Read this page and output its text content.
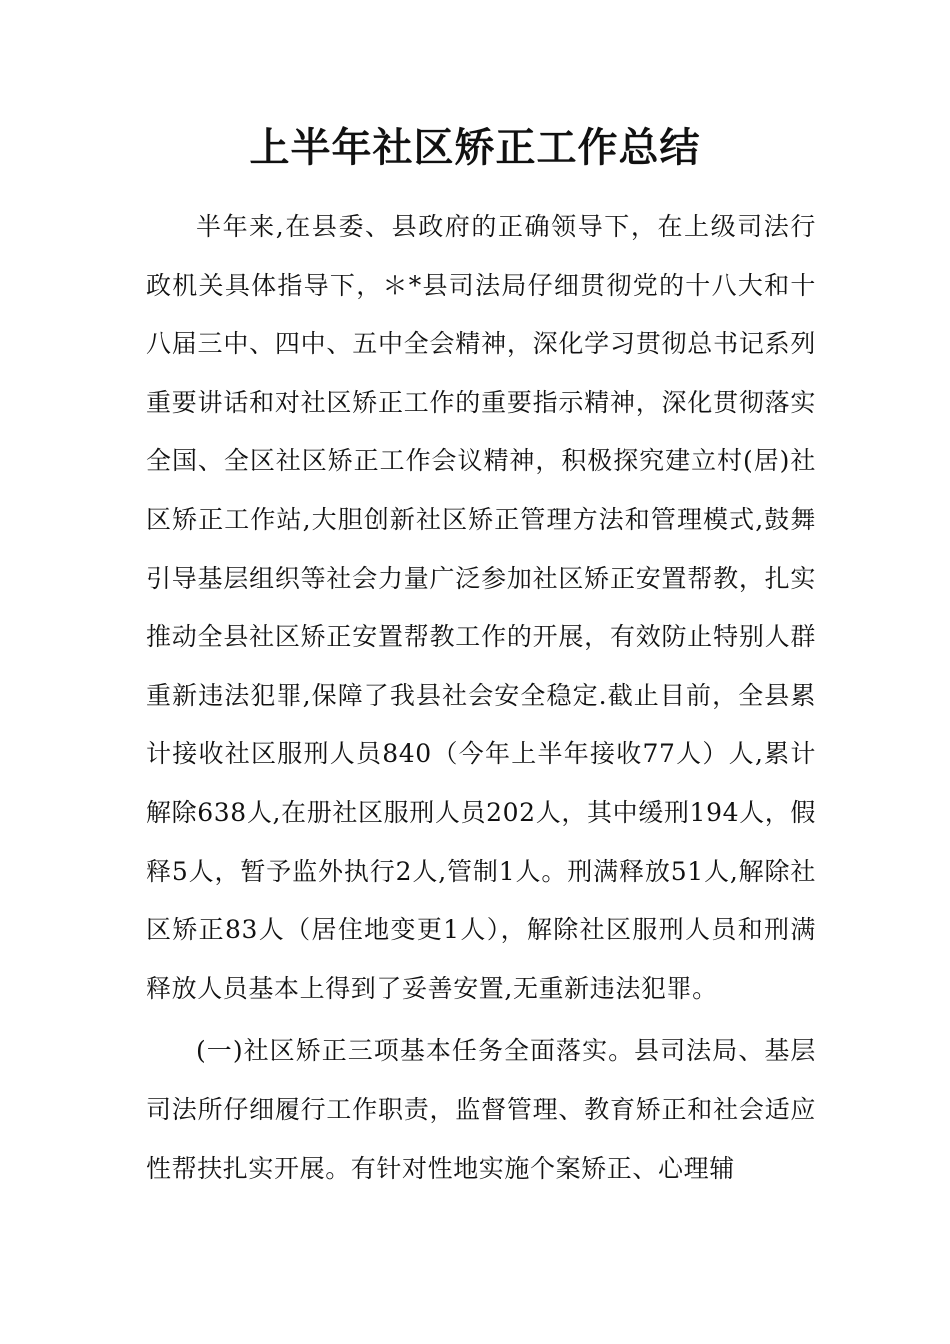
上半年社区矫正工作总结

半年来,在县委、县政府的正确领导下，在上级司法行政机关具体指导下，＊*县司法局仔细贯彻党的十八大和十八届三中、四中、五中全会精神，深化学习贯彻总书记系列重要讲话和对社区矫正工作的重要指示精神，深化贯彻落实全国、全区社区矫正工作会议精神，积极探究建立村(居)社区矫正工作站,大胆创新社区矫正管理方法和管理模式,鼓舞引导基层组织等社会力量广泛参加社区矫正安置帮教，扎实推动全县社区矫正安置帮教工作的开展，有效防止特别人群重新违法犯罪,保障了我县社会安全稳定.截止目前，全县累计接收社区服刑人员840（今年上半年接收77人）人,累计解除638人,在册社区服刑人员202人，其中缓刑194人，假释5人，暂予监外执行2人,管制1人。刑满释放51人,解除社区矫正83人（居住地变更1人），解除社区服刑人员和刑满释放人员基本上得到了妥善安置,无重新违法犯罪。

(一)社区矫正三项基本任务全面落实。县司法局、基层司法所仔细履行工作职责，监督管理、教育矫正和社会适应性帮扶扎实开展。有针对性地实施个案矫正、心理辅
